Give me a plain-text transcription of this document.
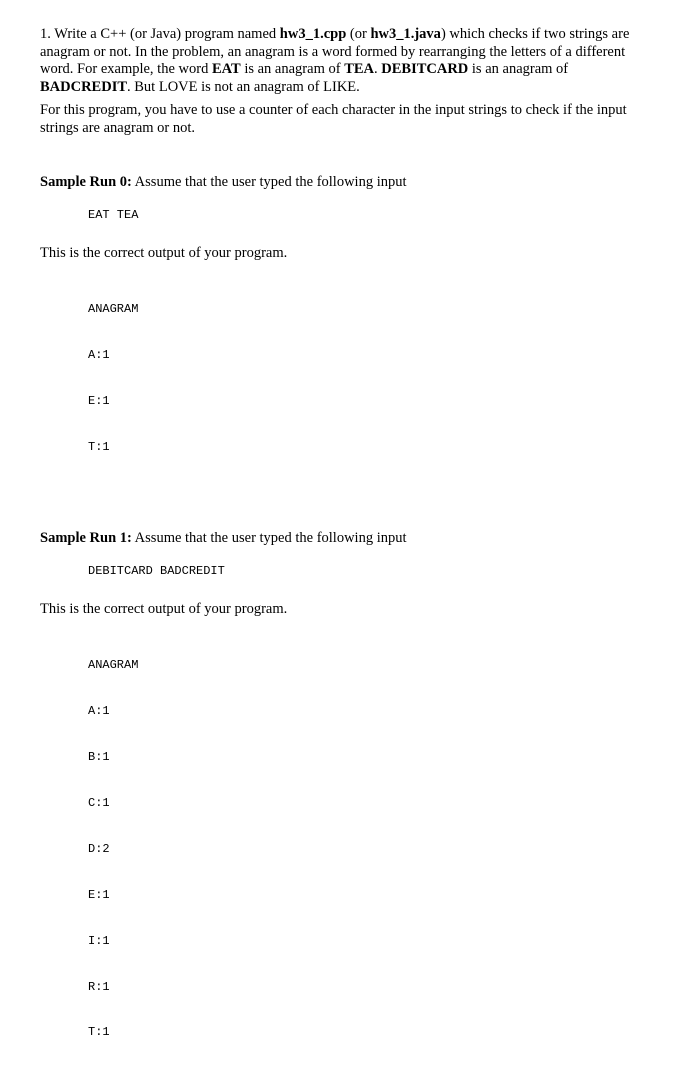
1. Write a C++ (or Java) program named hw3_1.cpp (or hw3_1.java) which checks if two strings are anagram or not. In the problem, an anagram is a word formed by rearranging the letters of a different word. For example, the word EAT is an anagram of TEA. DEBITCARD is an anagram of BADCREDIT. But LOVE is not an anagram of LIKE.

For this program, you have to use a counter of each character in the input strings to check if the input strings are anagram or not.

Sample Run 0: Assume that the user typed the following input

EAT TEA

This is the correct output of your program.

ANAGRAM

A:1

E:1

T:1

Sample Run 1: Assume that the user typed the following input

DEBITCARD BADCREDIT

This is the correct output of your program.

ANAGRAM

A:1

B:1

C:1

D:2

E:1

I:1

R:1

T:1
